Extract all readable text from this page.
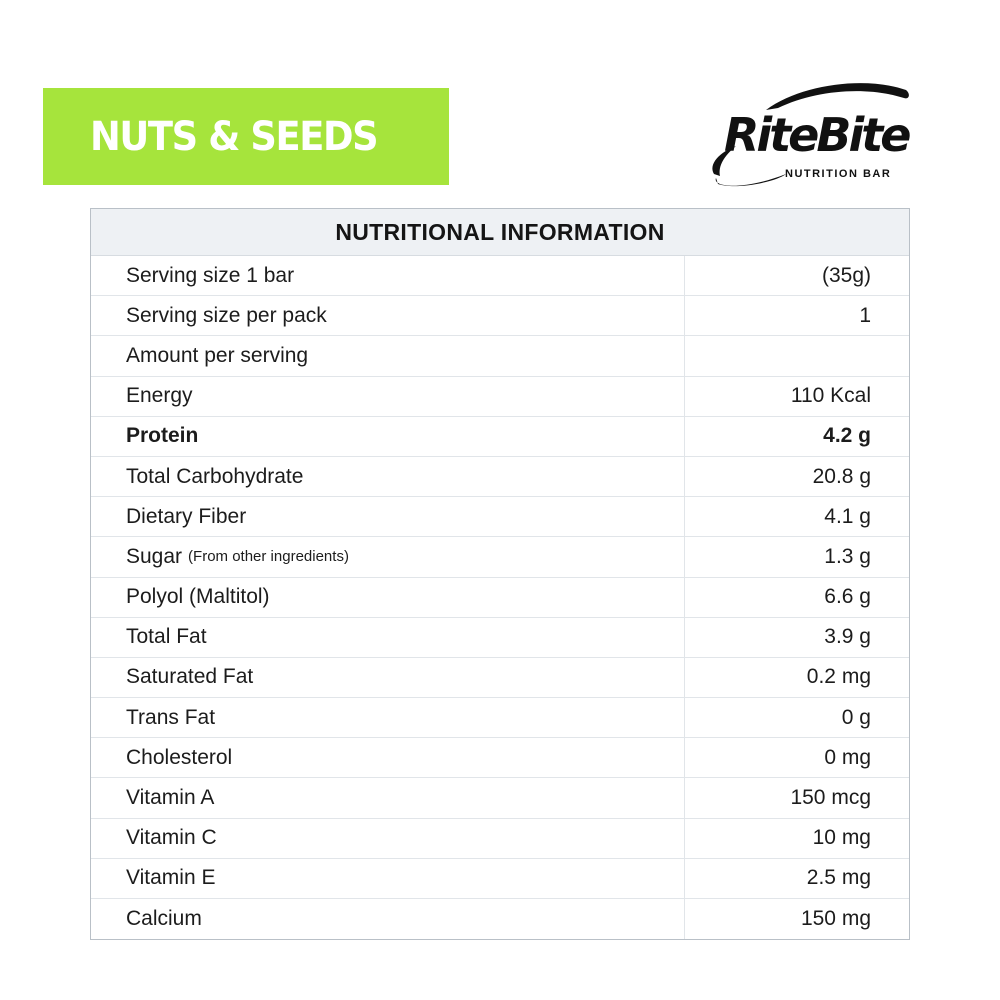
NUTS & SEEDS	RiteBite
NUTRITION BAR
NUTRITIONAL INFORMATION
Serving size 1 bar	(35g)
Serving size per pack	1
Amount per serving
Energy	110 Kcal
Protein	4.2 g
Total Carbohydrate	20.8 g
Dietary Fiber	4.1 g
Sugar (From other ingredients)	1.3 g
Polyol (Maltitol)	6.6 g
Total Fat	3.9 g
Saturated Fat	0.2 mg
Trans Fat	0 g
Cholesterol	0 mg
Vitamin A	150 mcg
Vitamin C	10 mg
Vitamin E	2.5 mg
Calcium	150 mg
